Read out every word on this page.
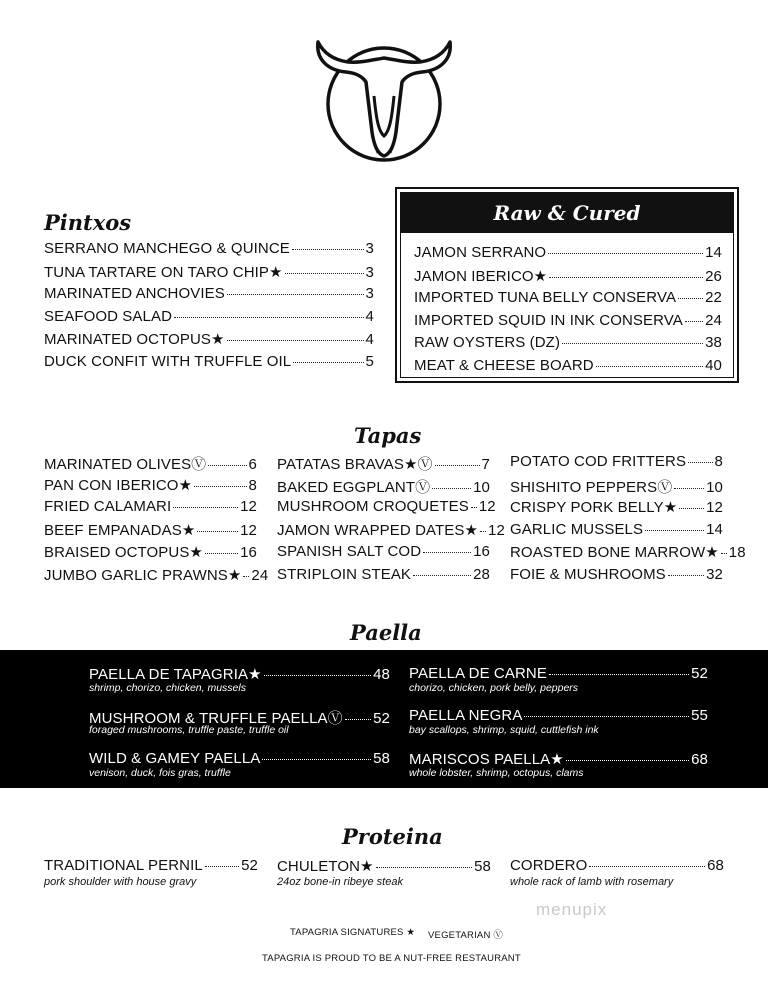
Pintxos
SERRANO MANCHEGO & QUINCE	3
TUNA TARTARE ON TARO CHIP★	3
MARINATED ANCHOVIES	3
SEAFOOD SALAD	4
MARINATED OCTOPUS★	4
DUCK CONFIT WITH TRUFFLE OIL	5
Raw & Cured
JAMON SERRANO	14
JAMON IBERICO★	26
IMPORTED TUNA BELLY CONSERVA 22
IMPORTED SQUID IN INK CONSERVA 24
RAW OYSTERS (DZ)	38
MEAT & CHEESE BOARD	40
Tapas
MARINATED OLIVESⓋ	6
PAN CON IBERICO★	8
FRIED CALAMARI	12
BEEF EMPANADAS★	12
BRAISED OCTOPUS★ 16
JUMBO GARLIC PRAWNS★ 24
PATATAS BRAVAS★Ⓥ	7
BAKED EGGPLANTⓋ	10
MUSHROOM CROQUETES 12
JAMON WRAPPED DATES★ 12
SPANISH SALT COD	16
STRIPLOIN STEAK	28
POTATO COD FRITTERS 8
SHISHITO PEPPERSⓋ 10
CRISPY PORK BELLY★ 12
GARLIC MUSSELS	14
ROASTED BONE MARROW★ 18
FOIE & MUSHROOMS	32
Paella
PAELLA DE TAPAGRIA★	48
shrimp, chorizo, chicken, mussels
PAELLA DE CARNE	52
chorizo, chicken, pork belly, peppers
MUSHROOM & TRUFFLE PAELLAⓋ 52
foraged mushrooms, truffle paste, truffle oil
PAELLA NEGRA	55
bay scallops, shrimp, squid, cuttlefish ink
WILD & GAMEY PAELLA	58
venison, duck, fois gras, truffle
MARISCOS PAELLA★	68
whole lobster, shrimp, octopus, clams
Proteina
TRADITIONAL PERNIL	52
pork shoulder with house gravy
CHULETON★	58
24oz bone-in ribeye steak
CORDERO	68
whole rack of lamb with rosemary
TAPAGRIA SIGNATURES ★ VEGETARIAN Ⓥ
TAPAGRIA IS PROUD TO BE A NUT-FREE RESTAURANT
menupix
